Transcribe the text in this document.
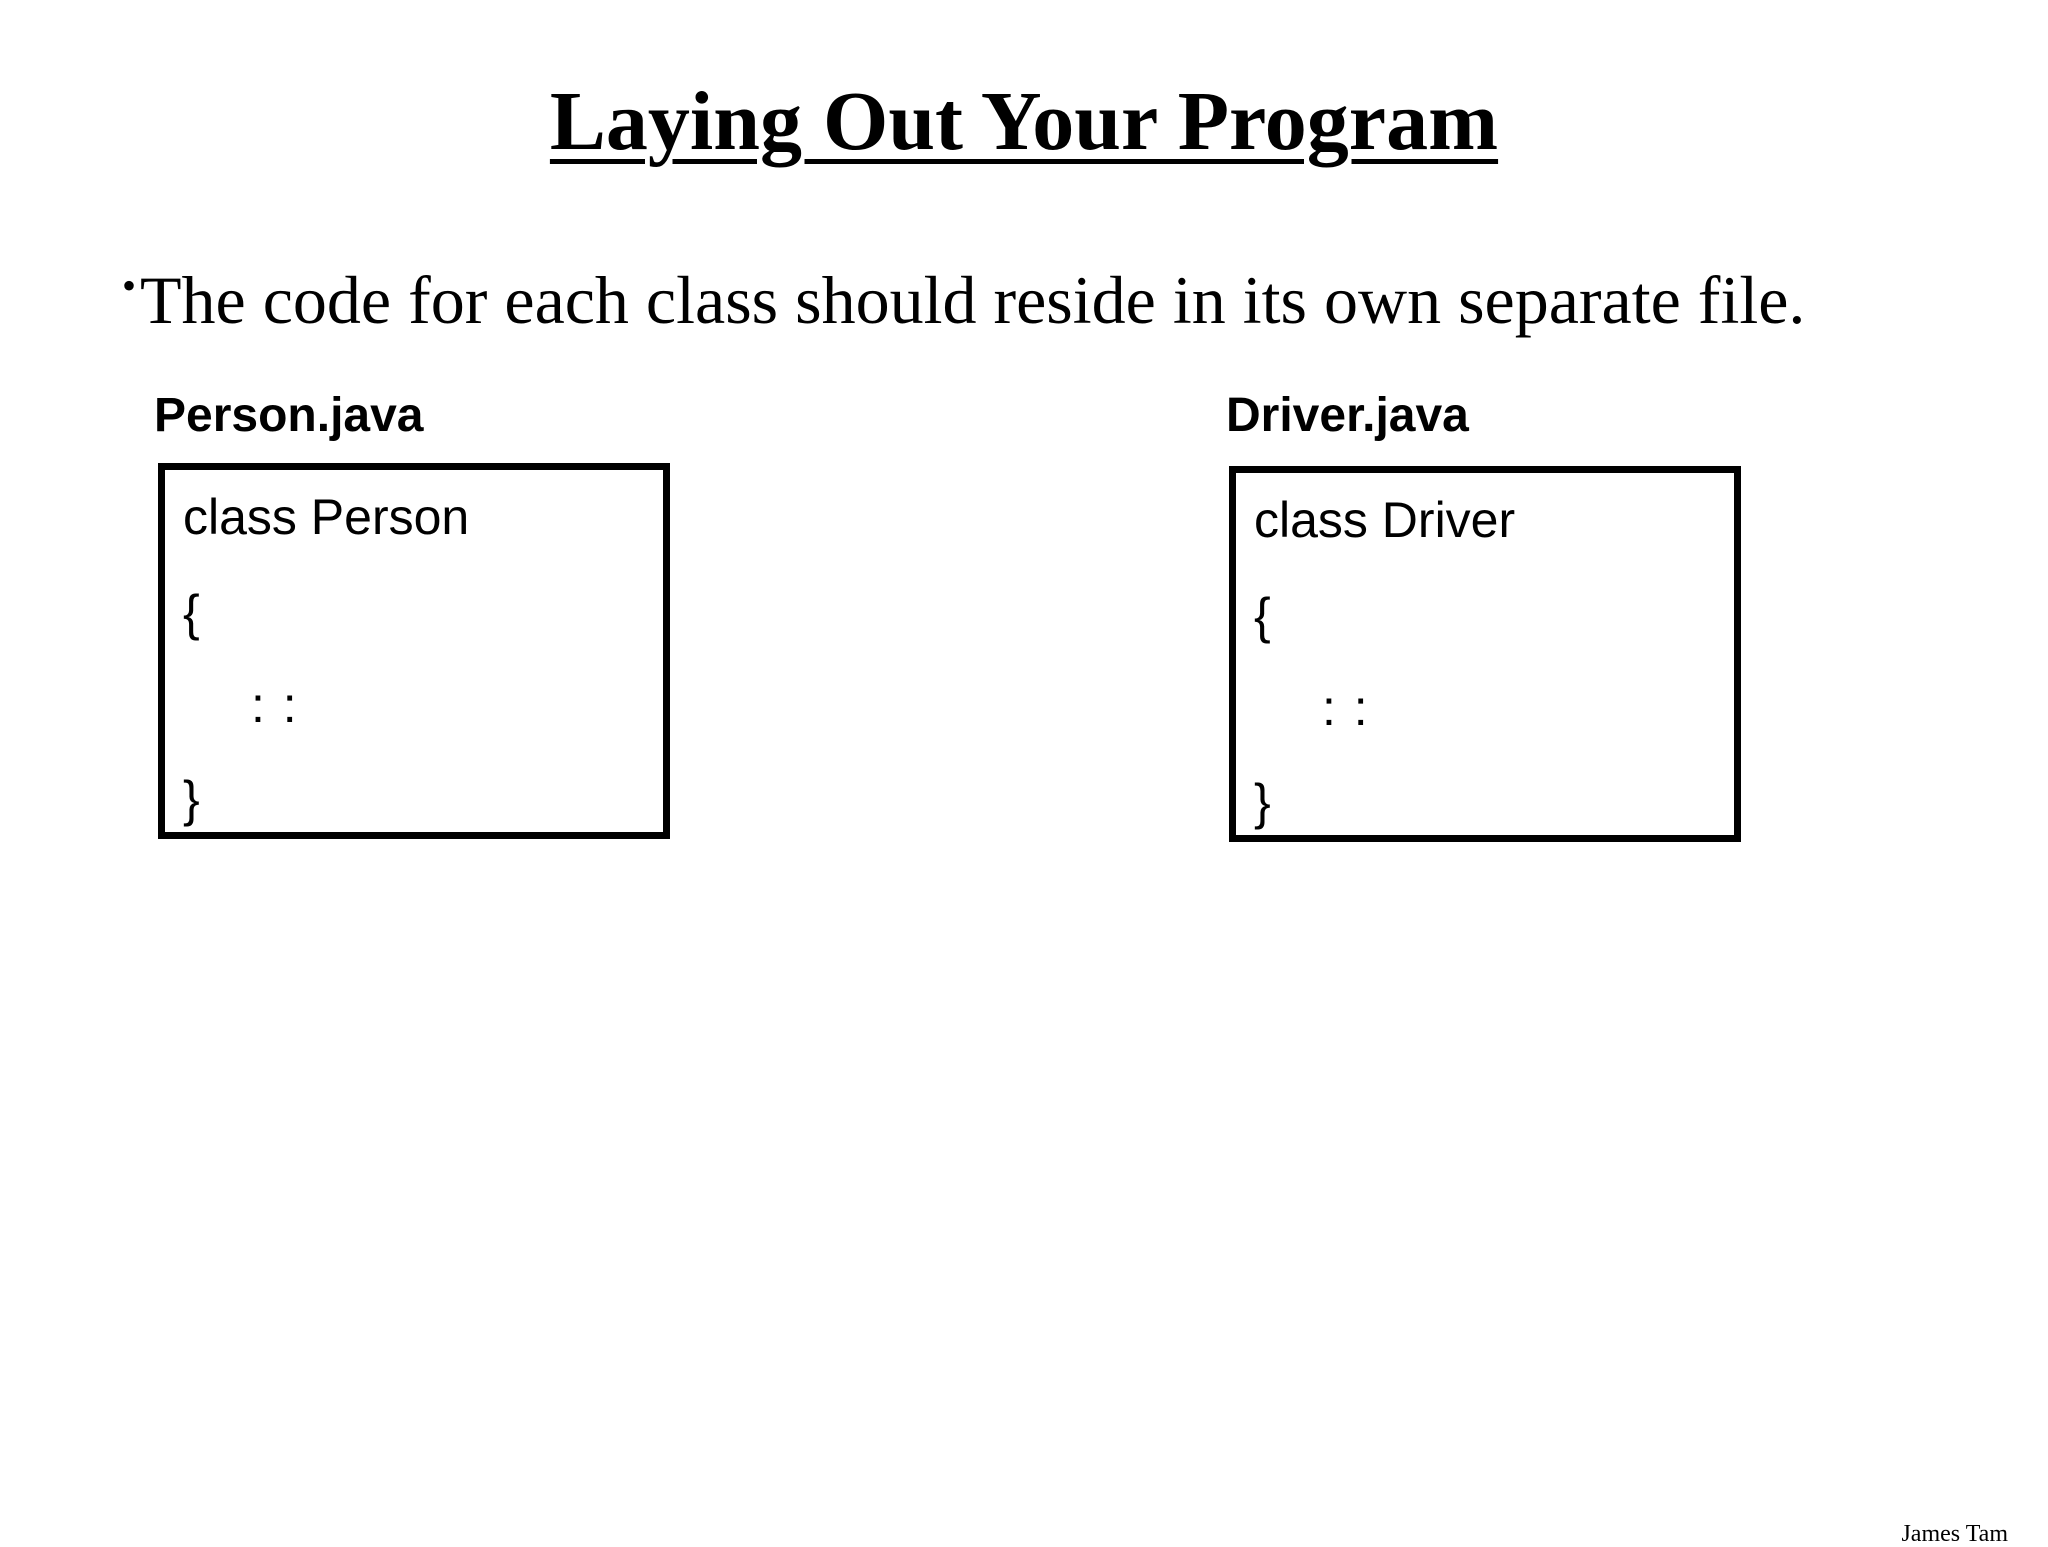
Laying Out Your Program
•The code for each class should reside in its own separate file.
Person.java
class Person
{
: :
}
Driver.java
class Driver
{
: :
}
James Tam
